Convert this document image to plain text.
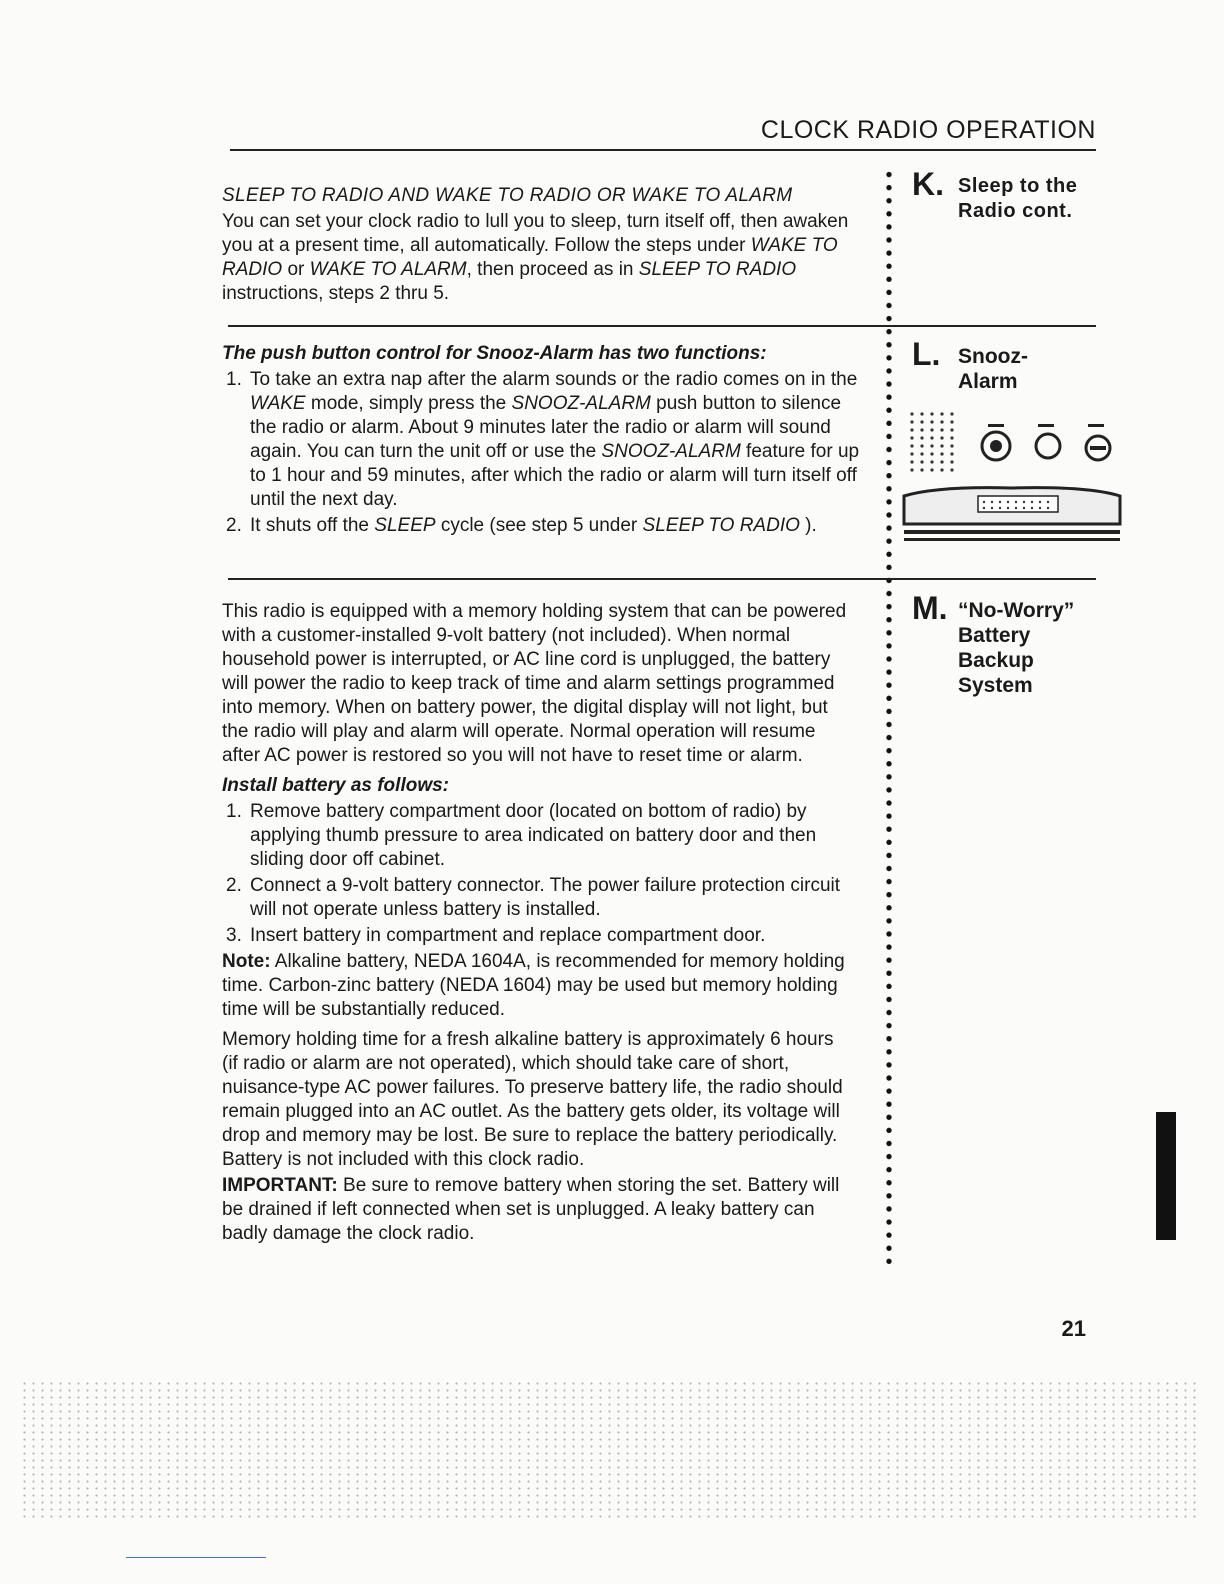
CLOCK RADIO OPERATION
SLEEP TO RADIO AND WAKE TO RADIO OR WAKE TO ALARM

You can set your clock radio to lull you to sleep, turn itself off, then awaken you at a present time, all automatically. Follow the steps under WAKE TO RADIO or WAKE TO ALARM, then proceed as in SLEEP TO RADIO instructions, steps 2 thru 5.

K. Sleep to the
Radio cont.
The push button control for Snooz-Alarm has two functions:
1. To take an extra nap after the alarm sounds or the radio comes on in the WAKE mode, simply press the SNOOZ-ALARM push button to silence the radio or alarm. About 9 minutes later the radio or alarm will sound again. You can turn the unit off or use the SNOOZ-ALARM feature for up to 1 hour and 59 minutes, after which the radio or alarm will turn itself off until the next day.
2. It shuts off the SLEEP cycle (see step 5 under SLEEP TO RADIO ).
L. Snooz-
Alarm

This radio is equipped with a memory holding system that can be powered with a customer-installed 9-volt battery (not included). When normal household power is interrupted, or AC line cord is unplugged, the battery will power the radio to keep track of time and alarm settings programmed into memory. When on battery power, the digital display will not light, but the radio will play and alarm will operate. Normal operation will resume after AC power is restored so you will not have to reset time or alarm.

Install battery as follows:
1. Remove battery compartment door (located on bottom of radio) by applying thumb pressure to area indicated on battery door and then sliding door off cabinet.
2. Connect a 9-volt battery connector. The power failure protection circuit will not operate unless battery is installed.
3. Insert battery in compartment and replace compartment door.

Note: Alkaline battery, NEDA 1604A, is recommended for memory holding time. Carbon-zinc battery (NEDA 1604) may be used but memory holding time will be substantially reduced.

Memory holding time for a fresh alkaline battery is approximately 6 hours (if radio or alarm are not operated), which should take care of short, nuisance-type AC power failures. To preserve battery life, the radio should remain plugged into an AC outlet. As the battery gets older, its voltage will drop and memory may be lost. Be sure to replace the battery periodically. Battery is not included with this clock radio.

IMPORTANT: Be sure to remove battery when storing the set. Battery will be drained if left connected when set is unplugged. A leaky battery can badly damage the clock radio.

M. “No-Worry”
Battery
Backup
System
21
